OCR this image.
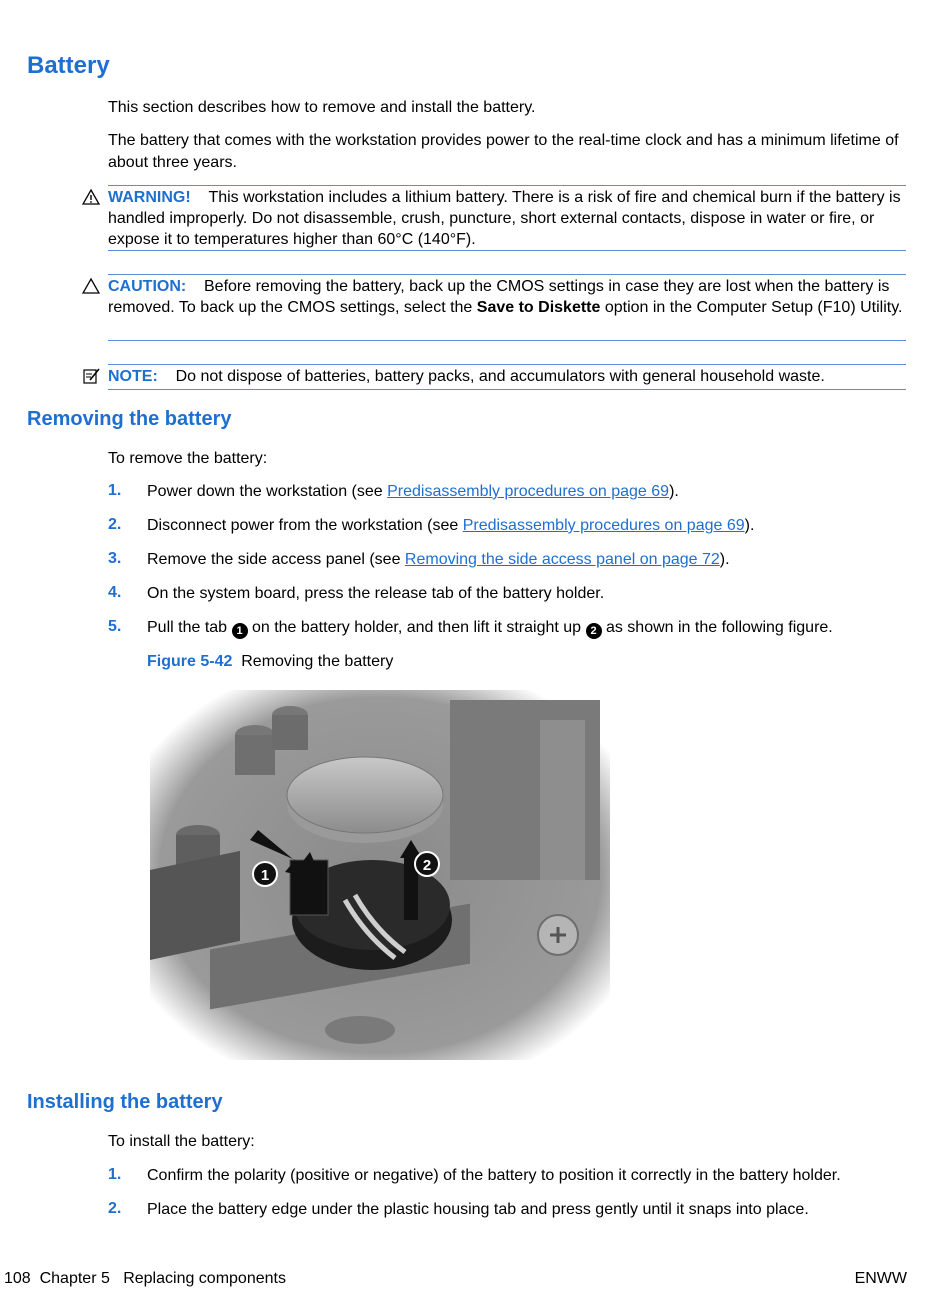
Battery
This section describes how to remove and install the battery.
The battery that comes with the workstation provides power to the real-time clock and has a minimum lifetime of about three years.
WARNING! This workstation includes a lithium battery. There is a risk of fire and chemical burn if the battery is handled improperly. Do not disassemble, crush, puncture, short external contacts, dispose in water or fire, or expose it to temperatures higher than 60°C (140°F).
CAUTION: Before removing the battery, back up the CMOS settings in case they are lost when the battery is removed. To back up the CMOS settings, select the Save to Diskette option in the Computer Setup (F10) Utility.
NOTE: Do not dispose of batteries, battery packs, and accumulators with general household waste.
Removing the battery
To remove the battery:
1. Power down the workstation (see Predisassembly procedures on page 69).
2. Disconnect power from the workstation (see Predisassembly procedures on page 69).
3. Remove the side access panel (see Removing the side access panel on page 72).
4. On the system board, press the release tab of the battery holder.
5. Pull the tab 1 on the battery holder, and then lift it straight up 2 as shown in the following figure.
Figure 5-42 Removing the battery
1
2
Installing the battery
To install the battery:
1. Confirm the polarity (positive or negative) of the battery to position it correctly in the battery holder.
2. Place the battery edge under the plastic housing tab and press gently until it snaps into place.
108 Chapter 5 Replacing components	ENWW
